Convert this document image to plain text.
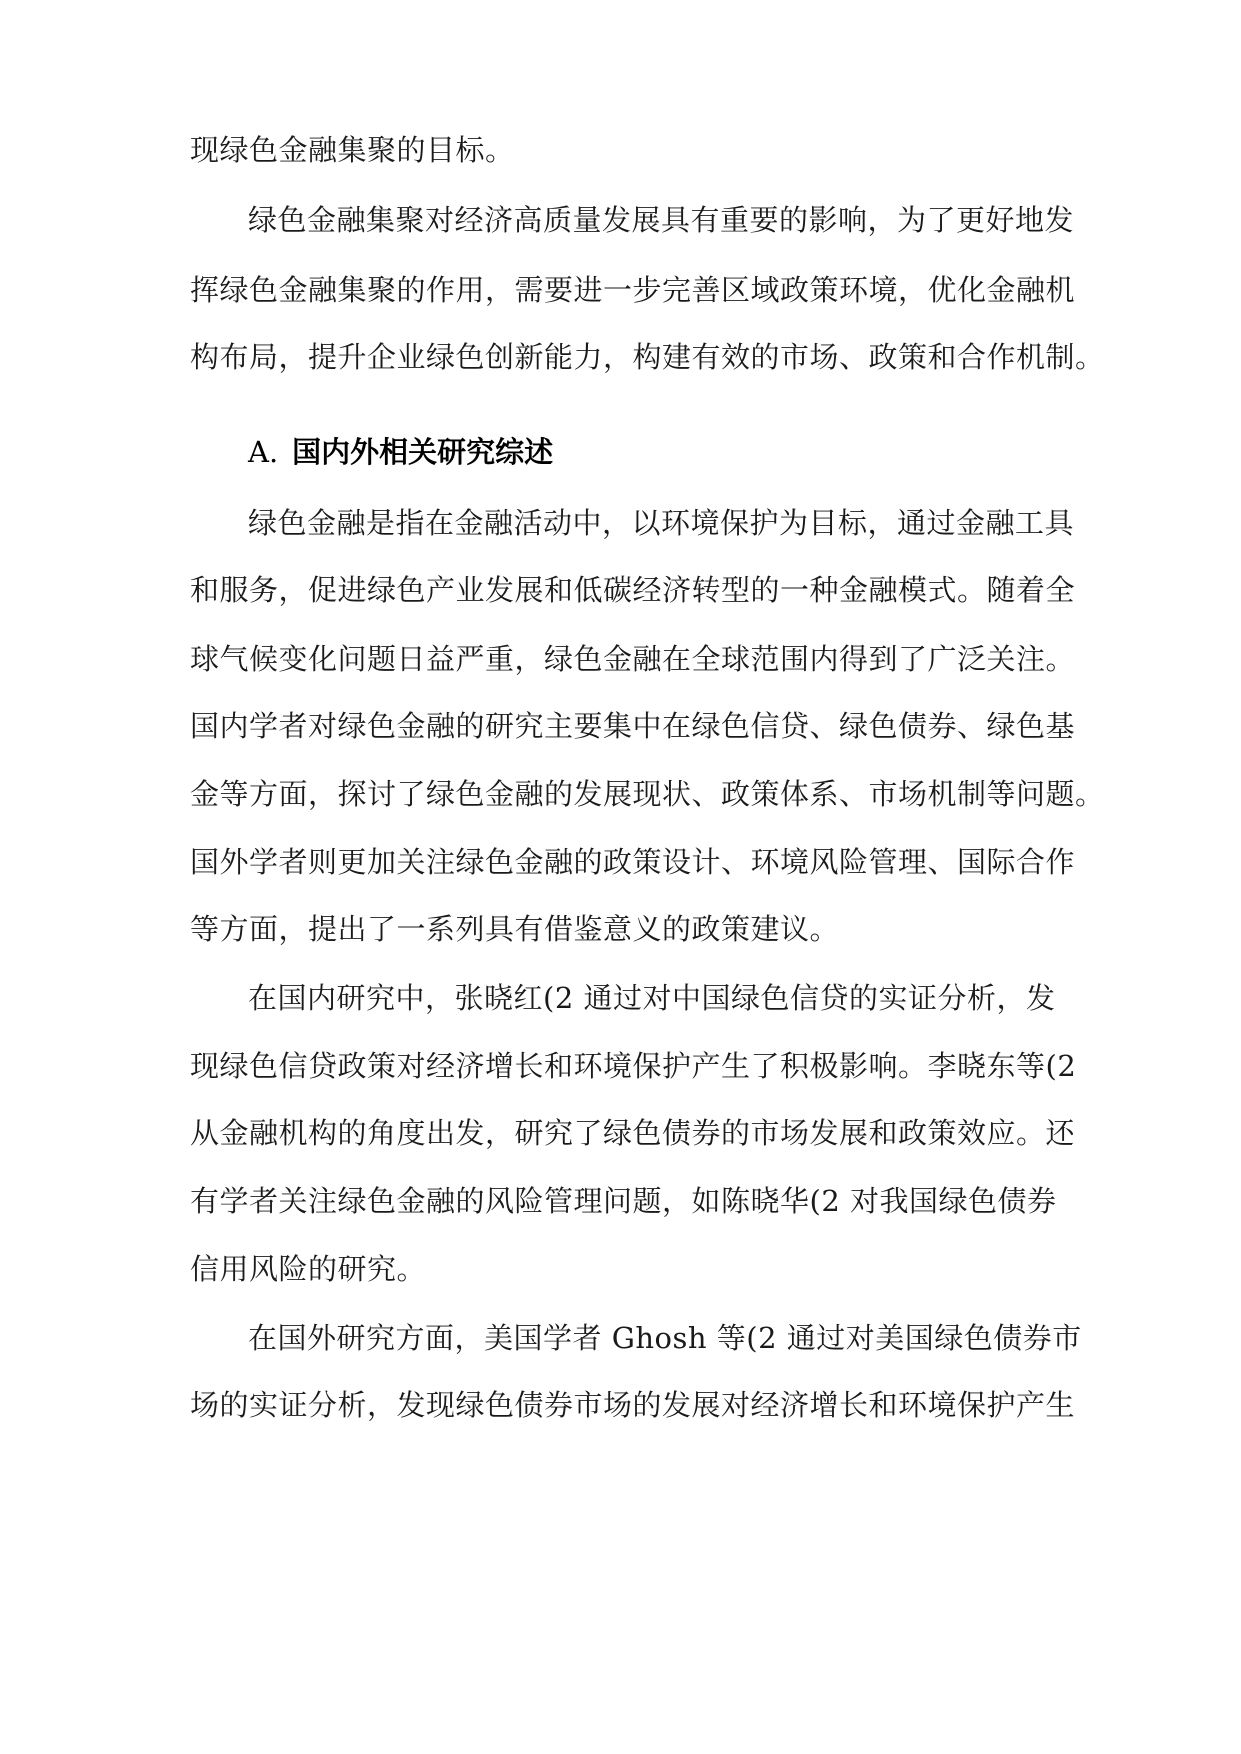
现绿色金融集聚的目标。

绿色金融集聚对经济高质量发展具有重要的影响，为了更好地发

挥绿色金融集聚的作用，需要进一步完善区域政策环境，优化金融机

构布局，提升企业绿色创新能力，构建有效的市场、政策和合作机制。

A. 国内外相关研究综述

绿色金融是指在金融活动中，以环境保护为目标，通过金融工具

和服务，促进绿色产业发展和低碳经济转型的一种金融模式。随着全

球气候变化问题日益严重，绿色金融在全球范围内得到了广泛关注。

国内学者对绿色金融的研究主要集中在绿色信贷、绿色债券、绿色基

金等方面，探讨了绿色金融的发展现状、政策体系、市场机制等问题。

国外学者则更加关注绿色金融的政策设计、环境风险管理、国际合作

等方面，提出了一系列具有借鉴意义的政策建议。

在国内研究中，张晓红(2 通过对中国绿色信贷的实证分析，发

现绿色信贷政策对经济增长和环境保护产生了积极影响。李晓东等(2

从金融机构的角度出发，研究了绿色债券的市场发展和政策效应。还

有学者关注绿色金融的风险管理问题，如陈晓华(2 对我国绿色债券

信用风险的研究。

在国外研究方面，美国学者 Ghosh 等(2 通过对美国绿色债券市

场的实证分析，发现绿色债券市场的发展对经济增长和环境保护产生
